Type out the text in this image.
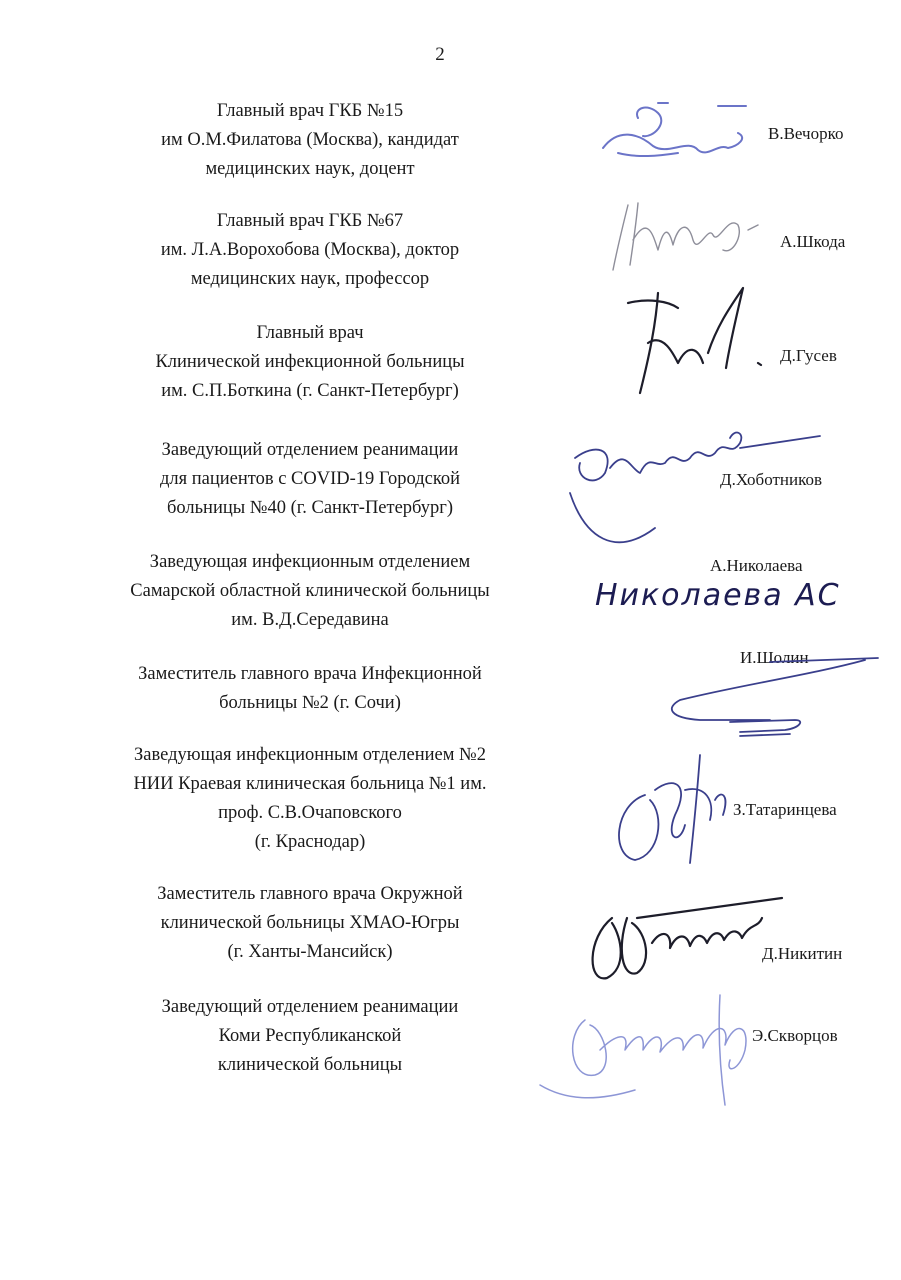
2
Главный врач ГКБ №15
им О.М.Филатова (Москва), кандидат
медицинских наук, доцент
В.Вечорко
Главный врач ГКБ №67
им. Л.А.Ворохобова (Москва), доктор
медицинских наук, профессор
А.Шкода
Главный врач
Клинической инфекционной больницы
им. С.П.Боткина (г. Санкт-Петербург)
Д.Гусев
Заведующий отделением реанимации
для пациентов с COVID-19 Городской
больницы №40 (г. Санкт-Петербург)
Д.Хоботников
Заведующая инфекционным отделением
Самарской областной клинической больницы
им. В.Д.Середавина
А.Николаева
Николаева АС
Заместитель главного врача Инфекционной
больницы №2 (г. Сочи)
И.Шолин
Заведующая инфекционным отделением №2
НИИ Краевая клиническая больница №1 им.
проф. С.В.Очаповского
(г. Краснодар)
З.Татаринцева
Заместитель главного врача Окружной
клинической больницы ХМАО-Югры
(г. Ханты-Мансийск)	Д.Никитин
Заведующий отделением реанимации
Коми Республиканской
клинической больницы
Э.Скворцов
